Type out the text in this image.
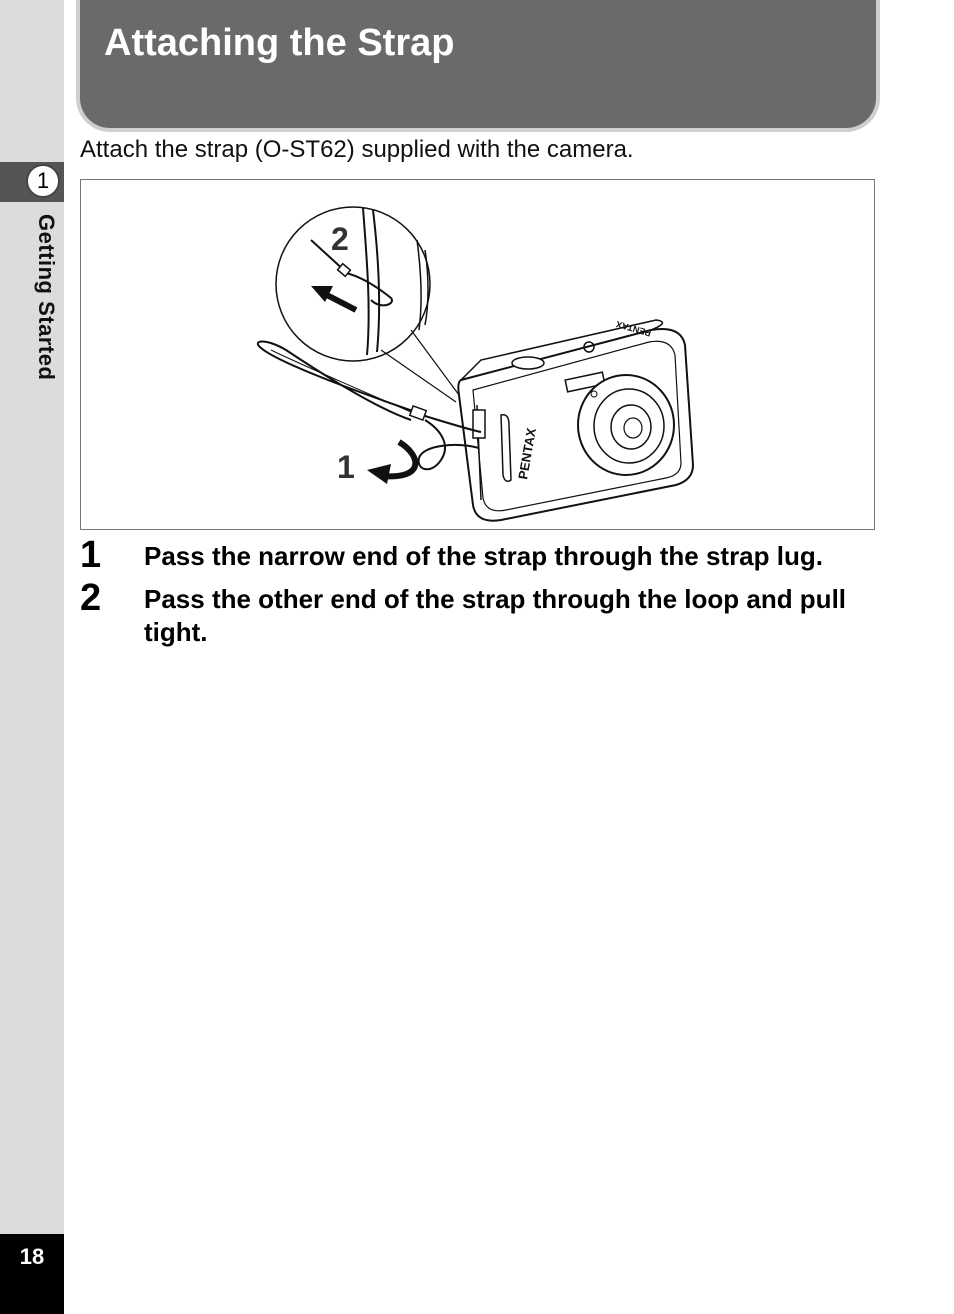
1
Getting Started
18
Attaching the Strap
Attach the strap (O-ST62) supplied with the camera.
2
PENTAX
PENTAX
1
1 Pass the narrow end of the strap through the strap lug.
2 Pass the other end of the strap through the loop and pull tight.
